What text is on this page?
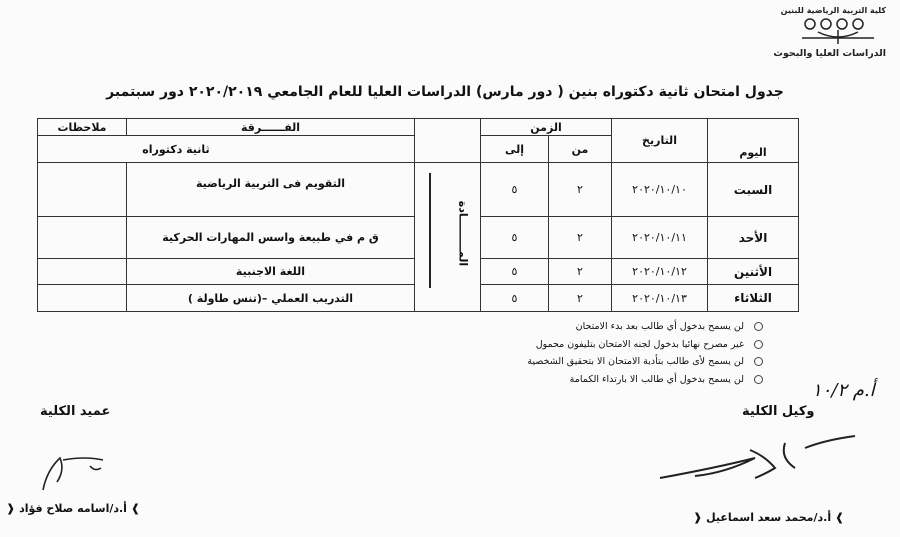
كلية التربية الرياضية للبنين
الدراسات العليا والبحوث
جدول امتحان ثانية دكتوراه بنين ( دور مارس) الدراسات العليا للعام الجامعي ٢٠٢٠/٢٠١٩ دور سبتمبر
اليوم	التاريخ	الزمن			الفــــــرقة	ملاحظات
		من	إلى		ثانية دكتوراه	
السبت	٢٠٢٠/١٠/١٠	٢	٥	المـــــــــادة	التقويم فى التربية الرياضية	
الأحد	٢٠٢٠/١٠/١١	٢	٥		ق م في طبيعة واسس المهارات الحركية	
الأثنين	٢٠٢٠/١٠/١٢	٢	٥		اللغة الاجنبية	
الثلاثاء	٢٠٢٠/١٠/١٣	٢	٥		التدريب العملي –(تنس طاولة )	
لن يسمح بدخول أي طالب بعد بدء الامتحان
غير مصرح نهائيا بدخول لجنه الامتحان بتليفون محمول
لن يسمح لأى طالب بتأدية الامتحان الا بتحقيق الشخصية
لن يسمح بدخول أي طالب الا بارتداء الكمامة
أ.م ١٠/٢
وكيل الكلية
❱ أ.د/محمد سعد اسماعيل ❰
عميد الكلية
❱ أ.د/اسامه صلاح فؤاد ❰
